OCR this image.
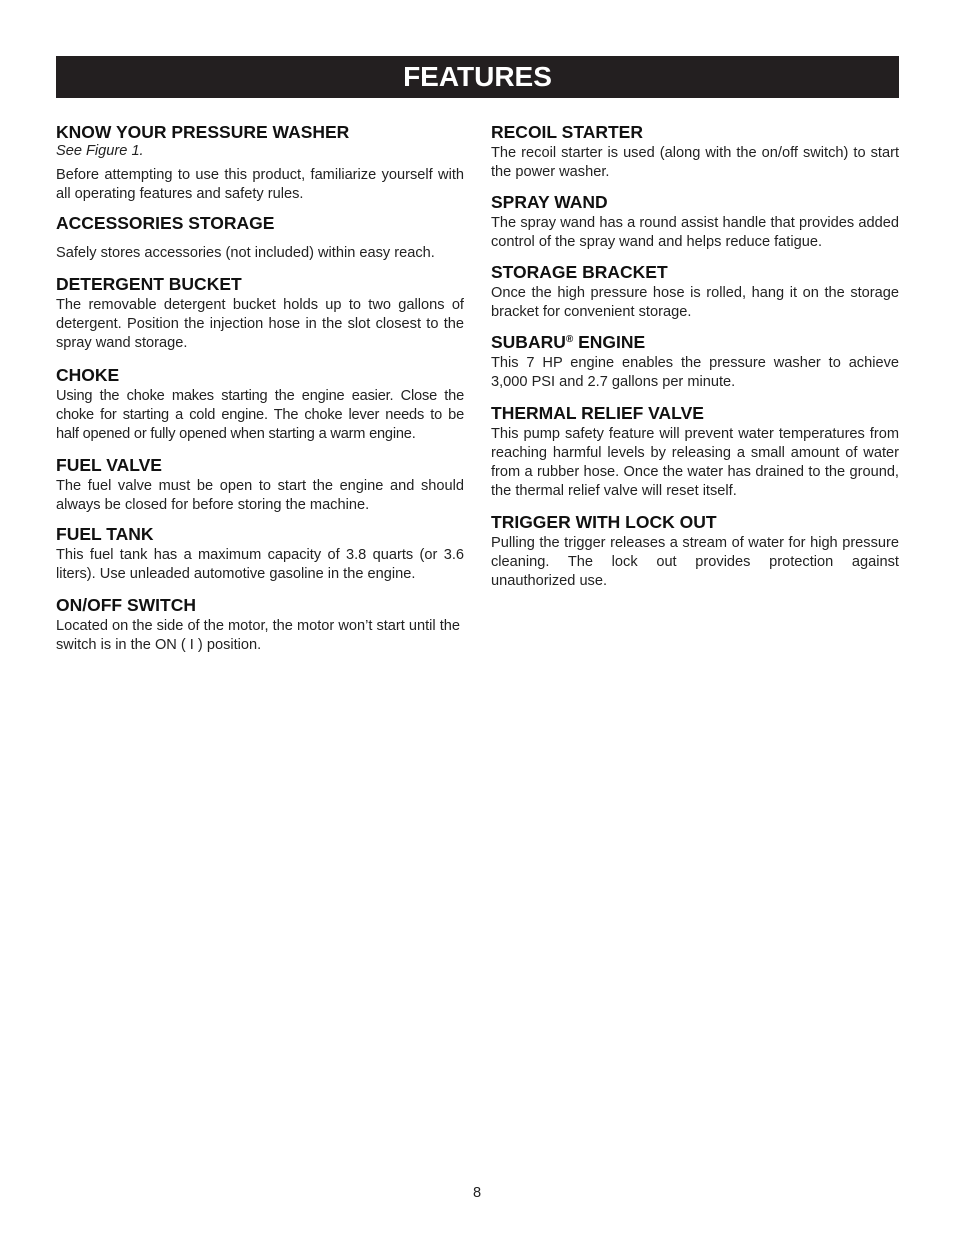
FEATURES
KNOW YOUR PRESSURE WASHER

See Figure 1.

Before attempting to use this product, familiarize yourself with all operating features and safety rules.

ACCESSORIES STORAGE

Safely stores accessories (not included) within easy reach.

DETERGENT BUCKET

The removable detergent bucket holds up to two gallons of detergent. Position the injection hose in the slot closest to the spray wand storage.

CHOKE

Using the choke makes starting the engine easier. Close the choke for starting a cold engine. The choke lever needs to be half opened or fully opened when starting a warm engine.

FUEL VALVE

The fuel valve must be open to start the engine and should always be closed for before storing the machine.

FUEL TANK

This fuel tank has a maximum capacity of 3.8 quarts (or 3.6 liters). Use unleaded automotive gasoline in the engine.

ON/OFF SWITCH

Located on the side of the motor, the motor won’t start until the switch is in the ON ( I ) position.

RECOIL STARTER

The recoil starter is used (along with the on/off switch) to start the power washer.

SPRAY WAND

The spray wand has a round assist handle that provides added control of the spray wand and helps reduce fatigue.

STORAGE BRACKET

Once the high pressure hose is rolled, hang it on the storage bracket for convenient storage.

SUBARU® ENGINE

This 7 HP engine enables the pressure washer to achieve 3,000 PSI and 2.7 gallons per minute.

THERMAL RELIEF VALVE

This pump safety feature will prevent water temperatures from reaching harmful levels by releasing a small amount of water from a rubber hose. Once the water has drained to the ground, the thermal relief valve will reset itself.

TRIGGER WITH LOCK OUT

Pulling the trigger releases a stream of water for high pressure cleaning. The lock out provides protection against unauthorized use.

8
